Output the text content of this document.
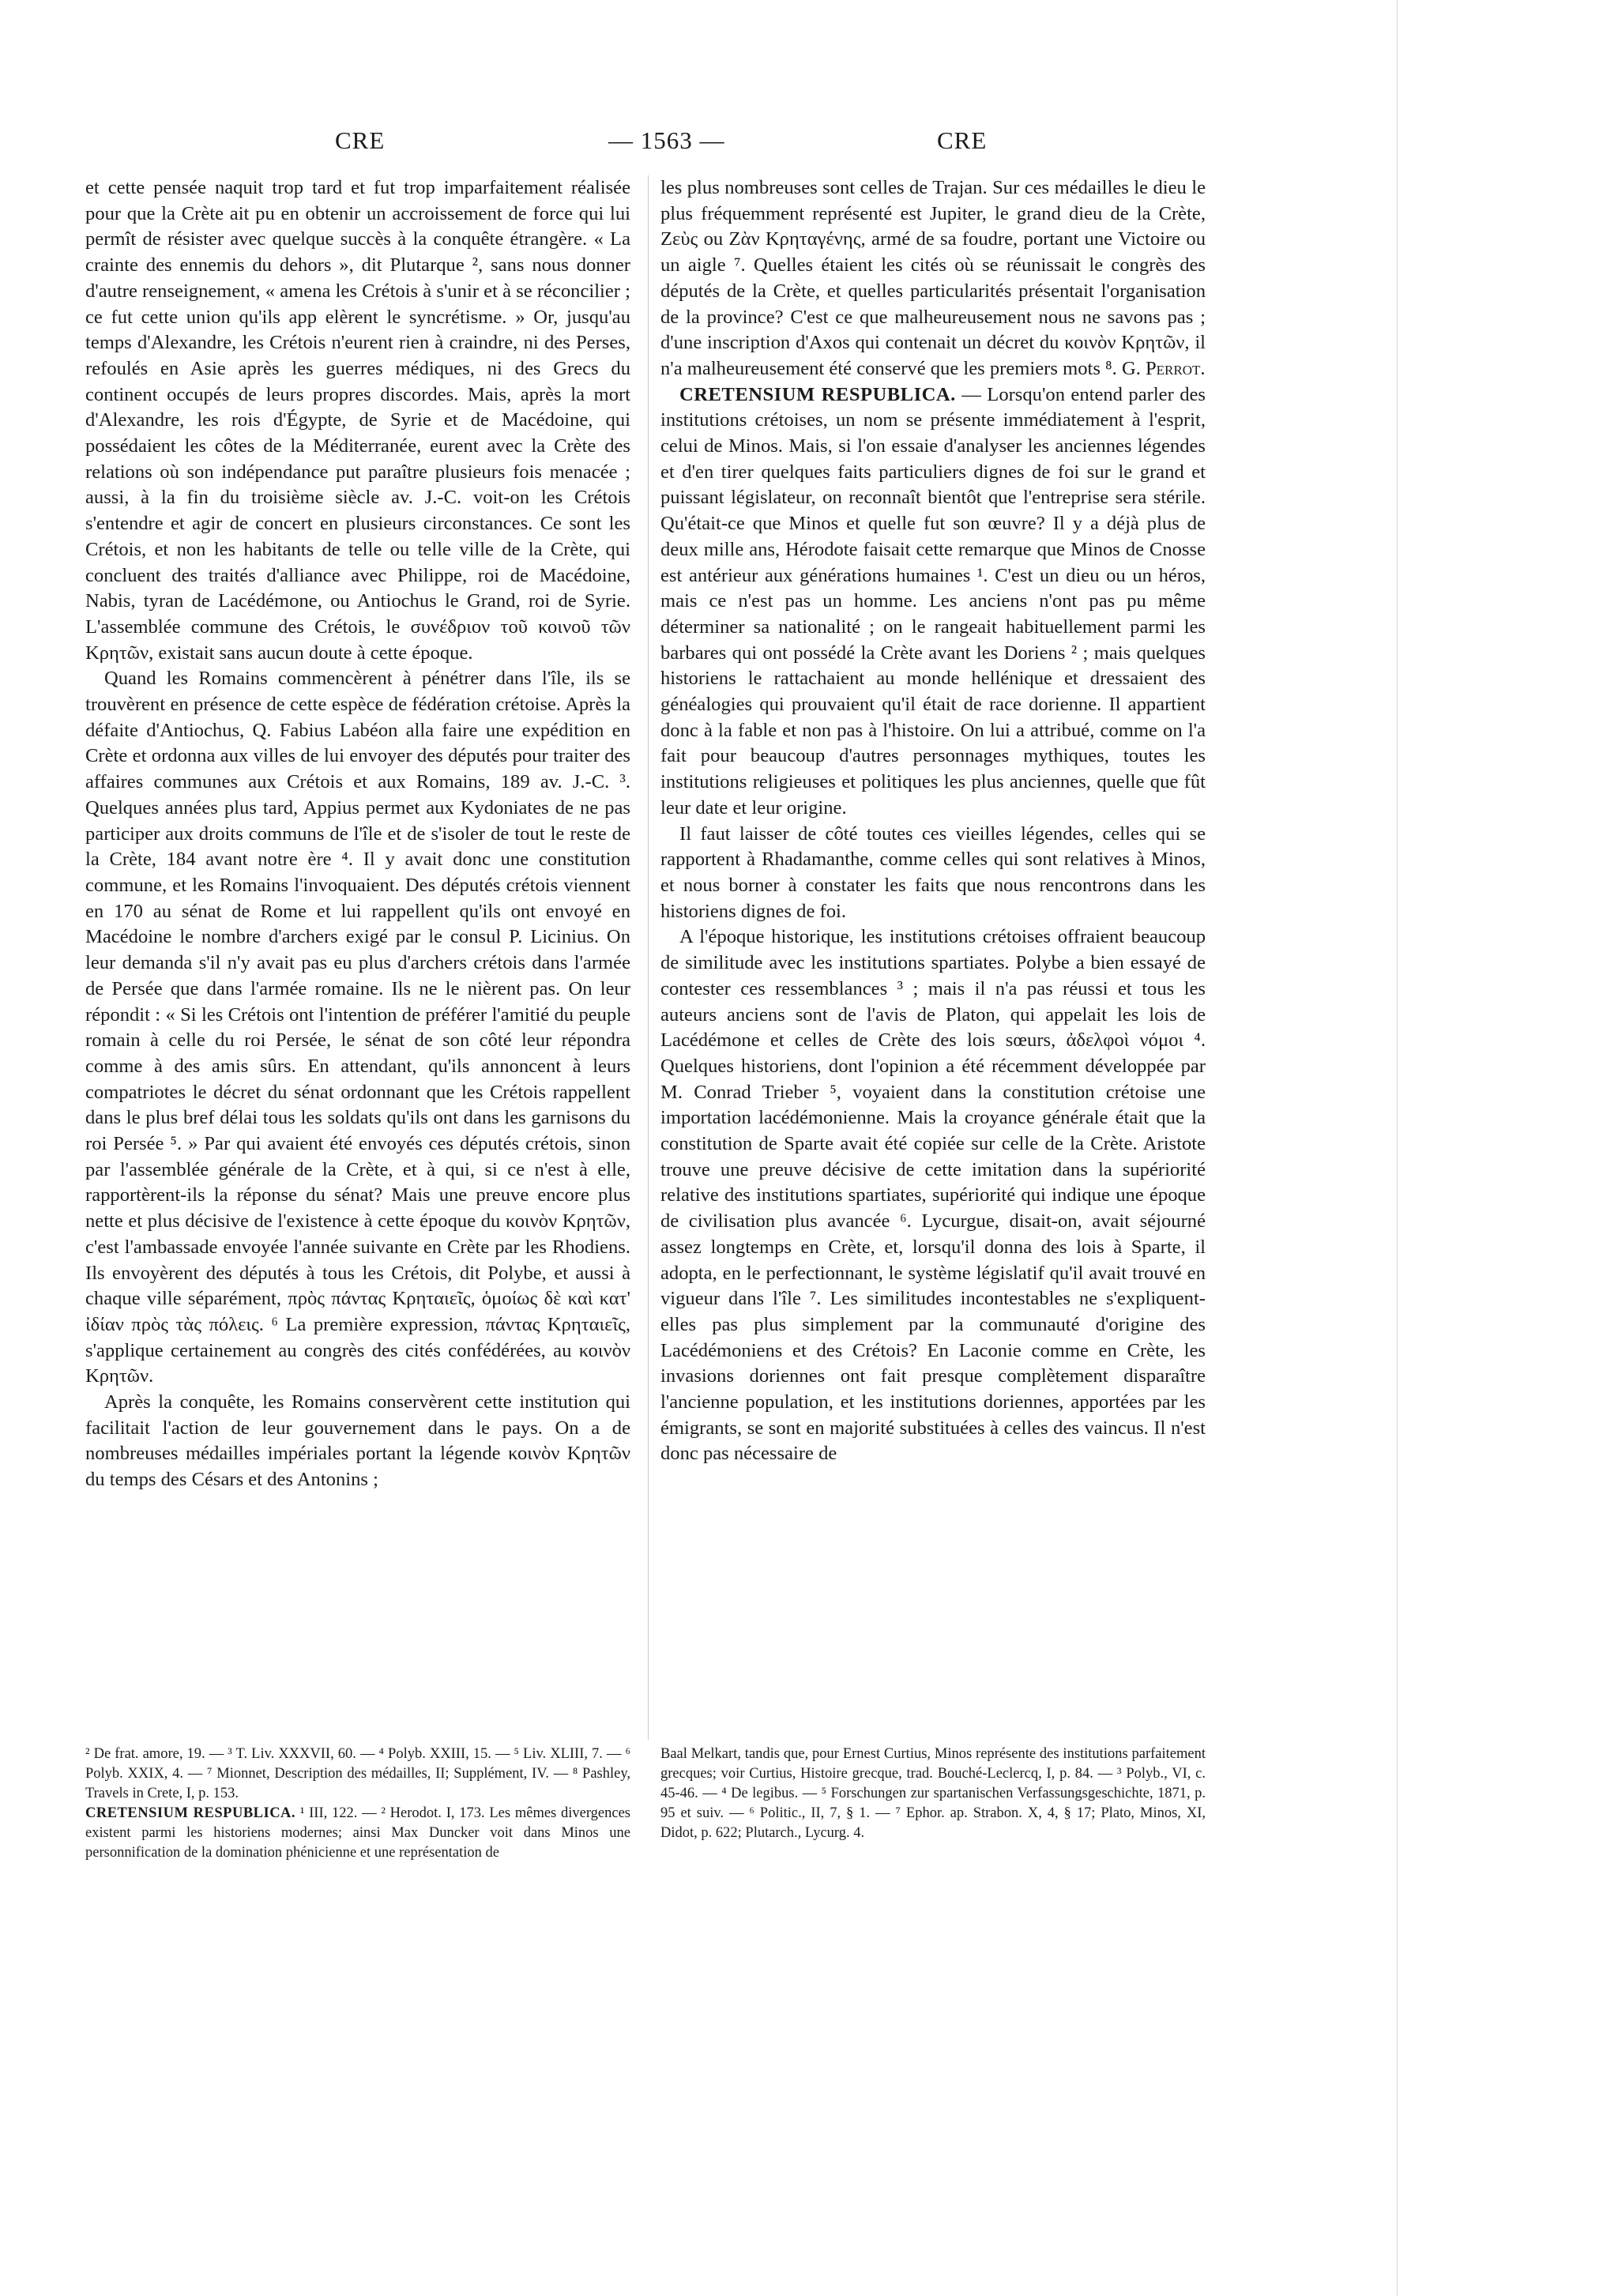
CRE	— 1563 —	CRE

et cette pensée naquit trop tard et fut trop imparfaitement réalisée pour que la Crète ait pu en obtenir un accroissement de force qui lui permît de résister avec quelque succès à la conquête étrangère. « La crainte des ennemis du dehors », dit Plutarque ², sans nous donner d'autre renseignement, « amena les Crétois à s'unir et à se réconcilier ; ce fut cette union qu'ils app elèrent le syncrétisme. » Or, jusqu'au temps d'Alexandre, les Crétois n'eurent rien à craindre, ni des Perses, refoulés en Asie après les guerres médiques, ni des Grecs du continent occupés de leurs propres discordes. Mais, après la mort d'Alexandre, les rois d'Égypte, de Syrie et de Macédoine, qui possédaient les côtes de la Méditerranée, eurent avec la Crète des relations où son indépendance put paraître plusieurs fois menacée ; aussi, à la fin du troisième siècle av. J.-C. voit-on les Crétois s'entendre et agir de concert en plusieurs circonstances. Ce sont les Crétois, et non les habitants de telle ou telle ville de la Crète, qui concluent des traités d'alliance avec Philippe, roi de Macédoine, Nabis, tyran de Lacédémone, ou Antiochus le Grand, roi de Syrie. L'assemblée commune des Crétois, le συνέδριον τοῦ κοινοῦ τῶν Κρητῶν, existait sans aucun doute à cette époque.

Quand les Romains commencèrent à pénétrer dans l'île, ils se trouvèrent en présence de cette espèce de fédération crétoise. Après la défaite d'Antiochus, Q. Fabius Labéon alla faire une expédition en Crète et ordonna aux villes de lui envoyer des députés pour traiter des affaires communes aux Crétois et aux Romains, 189 av. J.-C. ³. Quelques années plus tard, Appius permet aux Kydoniates de ne pas participer aux droits communs de l'île et de s'isoler de tout le reste de la Crète, 184 avant notre ère ⁴. Il y avait donc une constitution commune, et les Romains l'invoquaient. Des députés crétois viennent en 170 au sénat de Rome et lui rappellent qu'ils ont envoyé en Macédoine le nombre d'archers exigé par le consul P. Licinius. On leur demanda s'il n'y avait pas eu plus d'archers crétois dans l'armée de Persée que dans l'armée romaine. Ils ne le nièrent pas. On leur répondit : « Si les Crétois ont l'intention de préférer l'amitié du peuple romain à celle du roi Persée, le sénat de son côté leur répondra comme à des amis sûrs. En attendant, qu'ils annoncent à leurs compatriotes le décret du sénat ordonnant que les Crétois rappellent dans le plus bref délai tous les soldats qu'ils ont dans les garnisons du roi Persée ⁵. » Par qui avaient été envoyés ces députés crétois, sinon par l'assemblée générale de la Crète, et à qui, si ce n'est à elle, rapportèrent-ils la réponse du sénat? Mais une preuve encore plus nette et plus décisive de l'existence à cette époque du κοινὸν Κρητῶν, c'est l'ambassade envoyée l'année suivante en Crète par les Rhodiens. Ils envoyèrent des députés à tous les Crétois, dit Polybe, et aussi à chaque ville séparément, πρὸς πάντας Κρηταιεῖς, ὁμοίως δὲ καὶ κατ' ἰδίαν πρὸς τὰς πόλεις. ⁶ La première expression, πάντας Κρηταιεῖς, s'applique certainement au congrès des cités confédérées, au κοινὸν Κρητῶν.

Après la conquête, les Romains conservèrent cette institution qui facilitait l'action de leur gouvernement dans le pays. On a de nombreuses médailles impériales portant la légende κοινὸν Κρητῶν du temps des Césars et des Antonins ;

les plus nombreuses sont celles de Trajan. Sur ces médailles le dieu le plus fréquemment représenté est Jupiter, le grand dieu de la Crète, Ζεὺς ou Ζὰν Κρηταγένης, armé de sa foudre, portant une Victoire ou un aigle ⁷. Quelles étaient les cités où se réunissait le congrès des députés de la Crète, et quelles particularités présentait l'organisation de la province? C'est ce que malheureusement nous ne savons pas ; d'une inscription d'Axos qui contenait un décret du κοινὸν Κρητῶν, il n'a malheureusement été conservé que les premiers mots ⁸. G. Perrot.

CRETENSIUM RESPUBLICA. — Lorsqu'on entend parler des institutions crétoises, un nom se présente immédiatement à l'esprit, celui de Minos. Mais, si l'on essaie d'analyser les anciennes légendes et d'en tirer quelques faits particuliers dignes de foi sur le grand et puissant législateur, on reconnaît bientôt que l'entreprise sera stérile. Qu'était-ce que Minos et quelle fut son œuvre? Il y a déjà plus de deux mille ans, Hérodote faisait cette remarque que Minos de Cnosse est antérieur aux générations humaines ¹. C'est un dieu ou un héros, mais ce n'est pas un homme. Les anciens n'ont pas pu même déterminer sa nationalité ; on le rangeait habituellement parmi les barbares qui ont possédé la Crète avant les Doriens ² ; mais quelques historiens le rattachaient au monde hellénique et dressaient des généalogies qui prouvaient qu'il était de race dorienne. Il appartient donc à la fable et non pas à l'histoire. On lui a attribué, comme on l'a fait pour beaucoup d'autres personnages mythiques, toutes les institutions religieuses et politiques les plus anciennes, quelle que fût leur date et leur origine.

Il faut laisser de côté toutes ces vieilles légendes, celles qui se rapportent à Rhadamanthe, comme celles qui sont relatives à Minos, et nous borner à constater les faits que nous rencontrons dans les historiens dignes de foi.

A l'époque historique, les institutions crétoises offraient beaucoup de similitude avec les institutions spartiates. Polybe a bien essayé de contester ces ressemblances ³ ; mais il n'a pas réussi et tous les auteurs anciens sont de l'avis de Platon, qui appelait les lois de Lacédémone et celles de Crète des lois sœurs, ἀδελφοὶ νόμοι ⁴. Quelques historiens, dont l'opinion a été récemment développée par M. Conrad Trieber ⁵, voyaient dans la constitution crétoise une importation lacédémonienne. Mais la croyance générale était que la constitution de Sparte avait été copiée sur celle de la Crète. Aristote trouve une preuve décisive de cette imitation dans la supériorité relative des institutions spartiates, supériorité qui indique une époque de civilisation plus avancée ⁶. Lycurgue, disait-on, avait séjourné assez longtemps en Crète, et, lorsqu'il donna des lois à Sparte, il adopta, en le perfectionnant, le système législatif qu'il avait trouvé en vigueur dans l'île ⁷. Les similitudes incontestables ne s'expliquent-elles pas plus simplement par la communauté d'origine des Lacédémoniens et des Crétois? En Laconie comme en Crète, les invasions doriennes ont fait presque complètement disparaître l'ancienne population, et les institutions doriennes, apportées par les émigrants, se sont en majorité substituées à celles des vaincus. Il n'est donc pas nécessaire de

² De frat. amore, 19. — ³ T. Liv. XXXVII, 60. — ⁴ Polyb. XXIII, 15. — ⁵ Liv. XLIII, 7. — ⁶ Polyb. XXIX, 4. — ⁷ Mionnet, Description des médailles, II; Supplément, IV. — ⁸ Pashley, Travels in Crete, I, p. 153.

CRETENSIUM RESPUBLICA. ¹ III, 122. — ² Herodot. I, 173. Les mêmes divergences existent parmi les historiens modernes; ainsi Max Duncker voit dans Minos une personnification de la domination phénicienne et une représentation de

Baal Melkart, tandis que, pour Ernest Curtius, Minos représente des institutions parfaitement grecques; voir Curtius, Histoire grecque, trad. Bouché-Leclercq, I, p. 84. — ³ Polyb., VI, c. 45-46. — ⁴ De legibus. — ⁵ Forschungen zur spartanischen Verfassungsgeschichte, 1871, p. 95 et suiv. — ⁶ Politic., II, 7, § 1. — ⁷ Ephor. ap. Strabon. X, 4, § 17; Plato, Minos, XI, Didot, p. 622; Plutarch., Lycurg. 4.
